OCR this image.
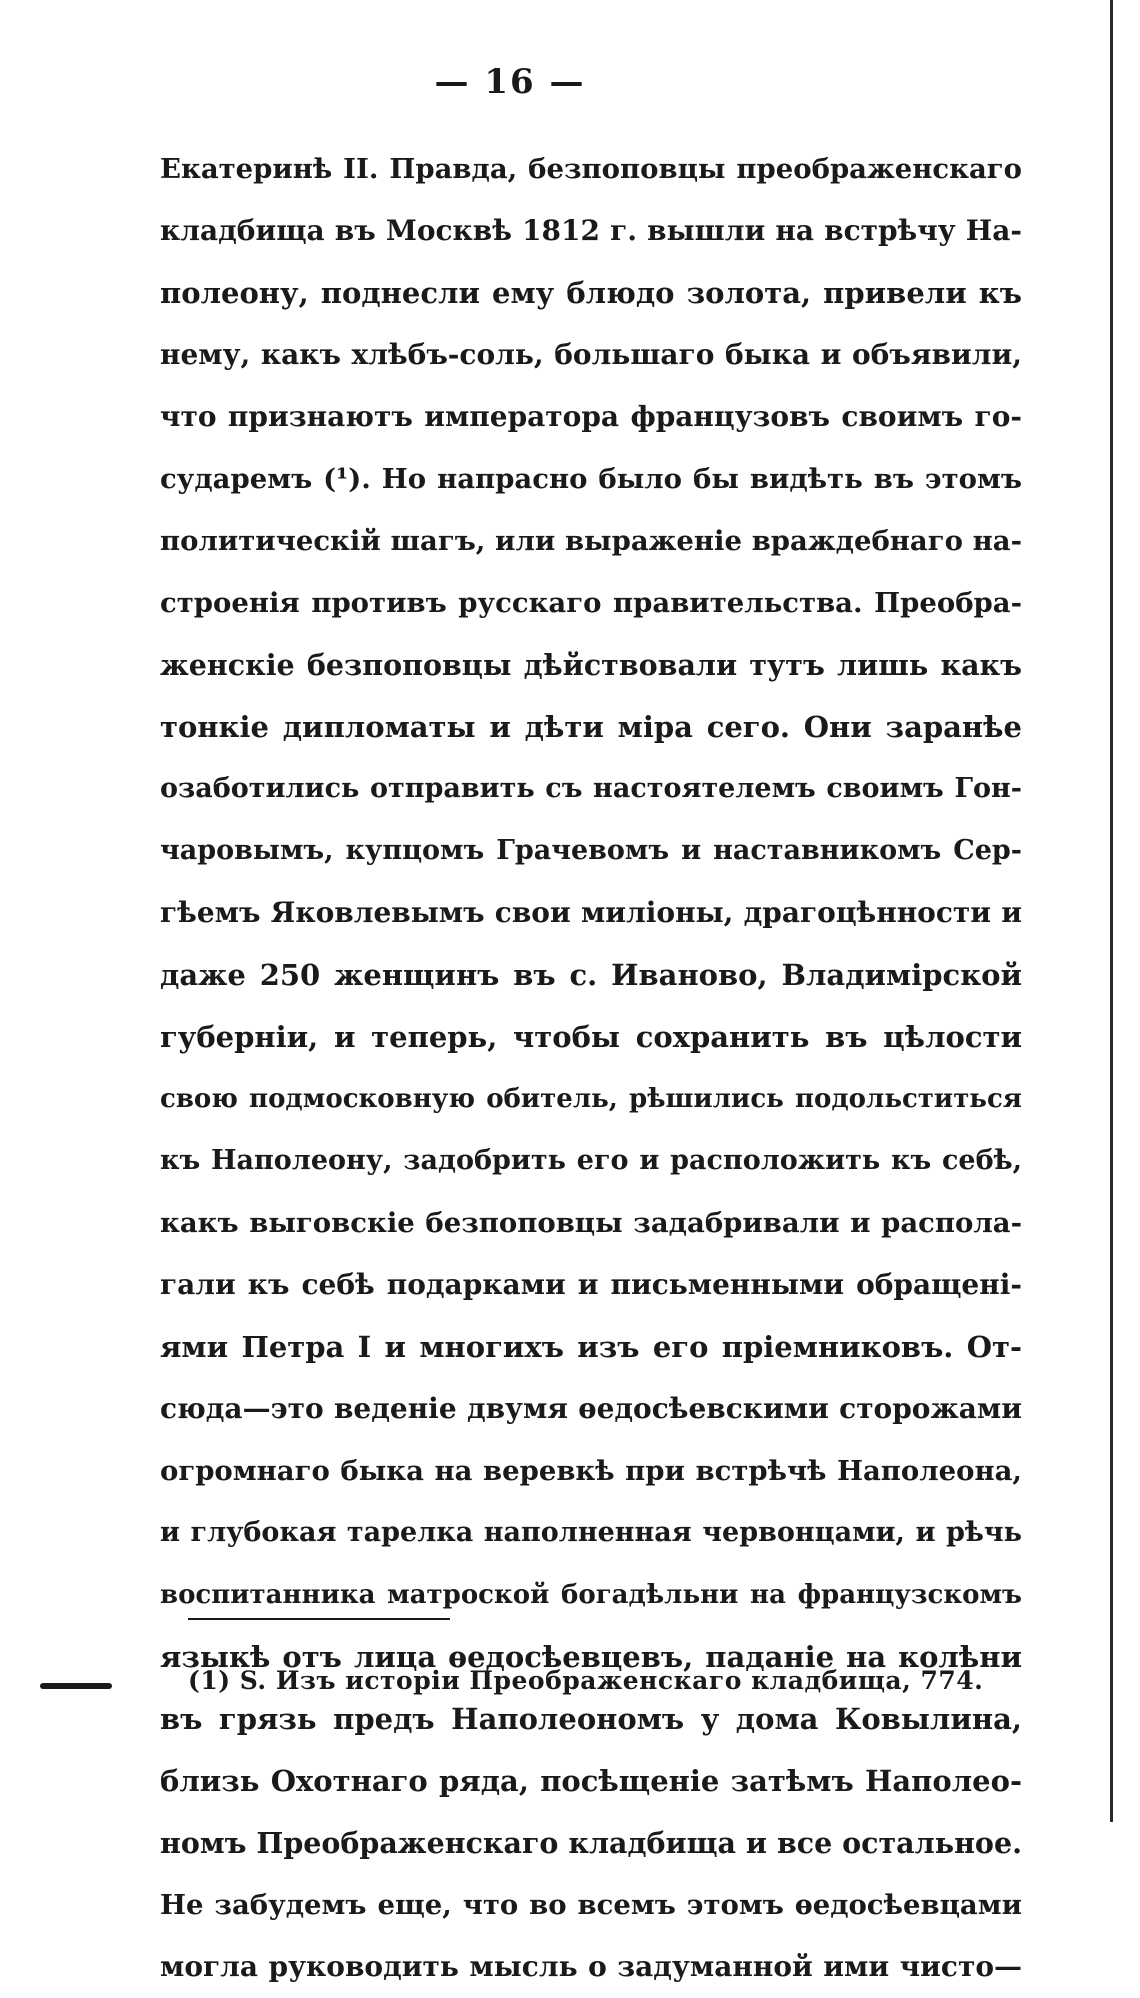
— 16 —
Екатеринѣ II. Правда, безпоповцы преображенскаго
кладбища въ Москвѣ 1812 г. вышли на встрѣчу На-
полеону, поднесли ему блюдо золота, привели къ
нему, какъ хлѣбъ-соль, большаго быка и объявили,
что признаютъ императора французовъ своимъ го-
сударемъ (¹). Но напрасно было бы видѣть въ этомъ
политическій шагъ, или выраженіе враждебнаго на-
строенія противъ русскаго правительства. Преобра-
женскіе безпоповцы дѣйствовали тутъ лишь какъ
тонкіе дипломаты и дѣти міра сего. Они заранѣе
озаботились отправить съ настоятелемъ своимъ Гон-
чаровымъ, купцомъ Грачевомъ и наставникомъ Сер-
гѣемъ Яковлевымъ свои миліоны, драгоцѣнности и
даже 250 женщинъ въ с. Иваново, Владимірской
губерніи, и теперь, чтобы сохранить въ цѣлости
свою подмосковную обитель, рѣшились подольститься
къ Наполеону, задобрить его и расположить къ себѣ,
какъ выговскіе безпоповцы задабривали и распола-
гали къ себѣ подарками и письменными обращені-
ями Петра I и многихъ изъ его пріемниковъ. От-
сюда—это веденіе двумя ѳедосѣевскими сторожами
огромнаго быка на веревкѣ при встрѣчѣ Наполеона,
и глубокая тарелка наполненная червонцами, и рѣчь
воспитанника матроской богадѣльни на французскомъ
языкѣ отъ лица ѳедосѣевцевъ, паданіе на колѣни
въ грязь предъ Наполеономъ у дома Ковылина,
близь Охотнаго ряда, посѣщеніе затѣмъ Наполео-
номъ Преображенскаго кладбища и все остальное.
Не забудемъ еще, что во всемъ этомъ ѳедосѣевцами
могла руководить мысль о задуманной ими чисто—
(1) S. Изъ исторіи Преображенскаго кладбища, 774.
